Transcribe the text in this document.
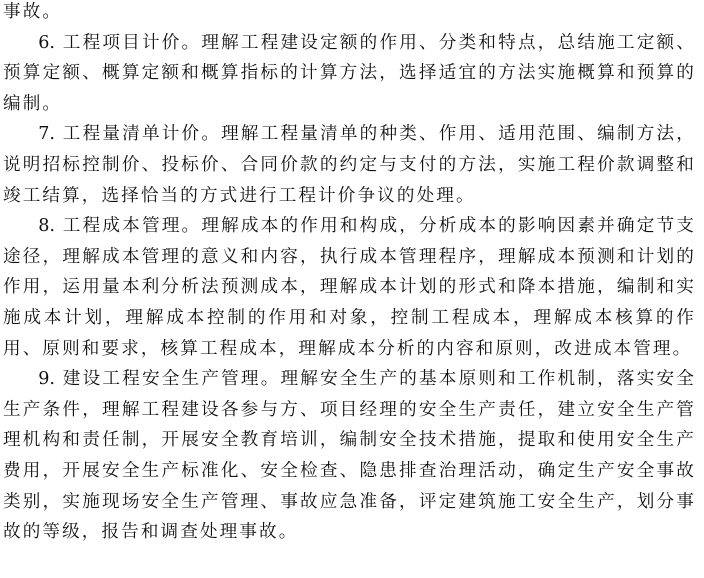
事故。

6. 工程项目计价。理解工程建设定额的作用、分类和特点，总结施工定额、预算定额、概算定额和概算指标的计算方法，选择适宜的方法实施概算和预算的编制。

7. 工程量清单计价。理解工程量清单的种类、作用、适用范围、编制方法，说明招标控制价、投标价、合同价款的约定与支付的方法，实施工程价款调整和竣工结算，选择恰当的方式进行工程计价争议的处理。

8. 工程成本管理。理解成本的作用和构成，分析成本的影响因素并确定节支途径，理解成本管理的意义和内容，执行成本管理程序，理解成本预测和计划的作用，运用量本利分析法预测成本，理解成本计划的形式和降本措施，编制和实施成本计划，理解成本控制的作用和对象，控制工程成本，理解成本核算的作用、原则和要求，核算工程成本，理解成本分析的内容和原则，改进成本管理。

9. 建设工程安全生产管理。理解安全生产的基本原则和工作机制，落实安全生产条件，理解工程建设各参与方、项目经理的安全生产责任，建立安全生产管理机构和责任制，开展安全教育培训，编制安全技术措施，提取和使用安全生产费用，开展安全生产标准化、安全检查、隐患排查治理活动，确定生产安全事故类别，实施现场安全生产管理、事故应急准备，评定建筑施工安全生产，划分事故的等级，报告和调查处理事故。
